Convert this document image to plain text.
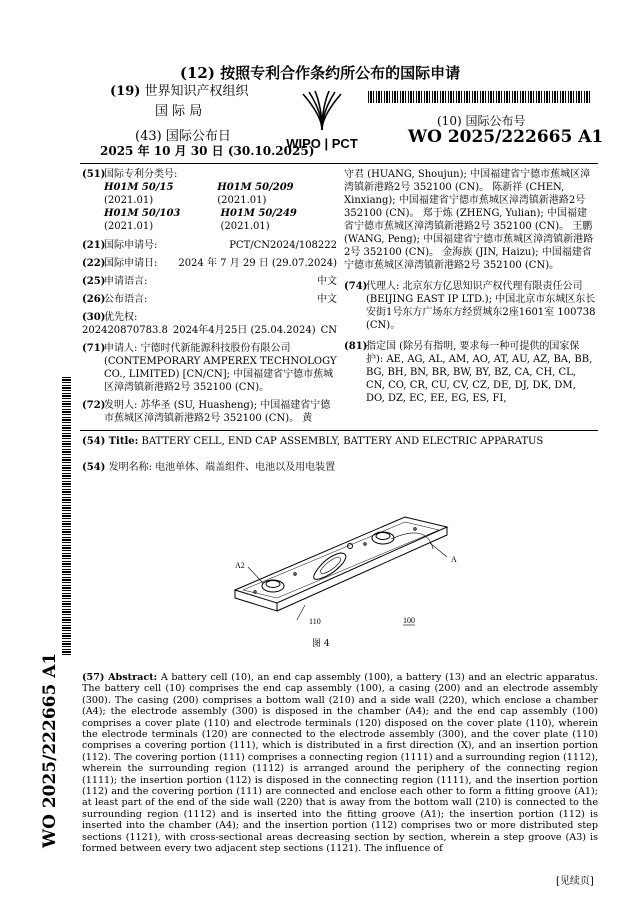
(12) 按照专利合作条约所公布的国际申请
(19) 世界知识产权组织
国 际 局
(43) 国际公布日
2025 年 10 月 30 日 (30.10.2025)
WIPO | PCT
(10) 国际公布号
WO 2025/222665 A1
(51)
国际专利分类号:
H01M 50/15 (2021.01)
H01M 50/209 (2021.01)
H01M 50/103 (2021.01)
H01M 50/249 (2021.01)
(21)
国际申请号:	PCT/CN2024/108222
(22)
国际申请日: 2024 年 7 月 29 日 (29.07.2024)
(25)
申请语言:	中文
(26)
公布语言:	中文
(30)
优先权:
202420870783.8 2024年4月25日 (25.04.2024) CN
(71)
申请人: 宁德时代新能源科技股份有限公司 (CONTEMPORARY AMPEREX TECHNOLOGY CO., LIMITED) [CN/CN]; 中国福建省宁德市蕉城区漳湾镇新港路2号 352100 (CN)。
(72)
发明人: 苏华圣 (SU, Huasheng); 中国福建省宁德市蕉城区漳湾镇新港路2号 352100 (CN)。 黄
守君 (HUANG, Shoujun); 中国福建省宁德市蕉城区漳湾镇新港路2号 352100 (CN)。 陈新祥 (CHEN, Xinxiang); 中国福建省宁德市蕉城区漳湾镇新港路2号 352100 (CN)。 郑于炼 (ZHENG, Yulian); 中国福建省宁德市蕉城区漳湾镇新港路2号 352100 (CN)。 王鹏 (WANG, Peng); 中国福建省宁德市蕉城区漳湾镇新港路2号 352100 (CN)。 金海族 (JIN, Haizu); 中国福建省宁德市蕉城区漳湾镇新港路2号 352100 (CN)。
(74)
代理人: 北京东方亿思知识产权代理有限责任公司 (BEIJING EAST IP LTD.); 中国北京市东城区东长安街1号东方广场东方经贸城东2座1601室 100738 (CN)。
(81)
指定国 (除另有指明, 要求每一种可提供的国家保护): AE, AG, AL, AM, AO, AT, AU, AZ, BA, BB, BG, BH, BN, BR, BW, BY, BZ, CA, CH, CL, CN, CO, CR, CU, CV, CZ, DE, DJ, DK, DM, DO, DZ, EC, EE, EG, ES, FI,
WO 2025/222665 A1
(54) Title: BATTERY CELL, END CAP ASSEMBLY, BATTERY AND ELECTRIC APPARATUS
(54) 发明名称: 电池单体、端盖组件、电池以及用电装置
A2
A
110	100
图 4
(57) Abstract: A battery cell (10), an end cap assembly (100), a battery (13) and an electric apparatus. The battery cell (10) comprises the end cap assembly (100), a casing (200) and an electrode assembly (300). The casing (200) comprises a bottom wall (210) and a side wall (220), which enclose a chamber (A4); the electrode assembly (300) is disposed in the chamber (A4); and the end cap assembly (100) comprises a cover plate (110) and electrode terminals (120) disposed on the cover plate (110), wherein the electrode terminals (120) are connected to the electrode assembly (300), and the cover plate (110) comprises a covering portion (111), which is distributed in a first direction (X), and an insertion portion (112). The covering portion (111) comprises a connecting region (1111) and a surrounding region (1112), wherein the surrounding region (1112) is arranged around the periphery of the connecting region (1111); the insertion portion (112) is disposed in the connecting region (1111), and the insertion portion (112) and the covering portion (111) are connected and enclose each other to form a fitting groove (A1); at least part of the end of the side wall (220) that is away from the bottom wall (210) is connected to the surrounding region (1112) and is inserted into the fitting groove (A1); the insertion portion (112) is inserted into the chamber (A4); and the insertion portion (112) comprises two or more distributed step sections (1121), with cross-sectional areas decreasing section by section, wherein a step groove (A3) is formed between every two adjacent step sections (1121). The influence of
[见续页]
